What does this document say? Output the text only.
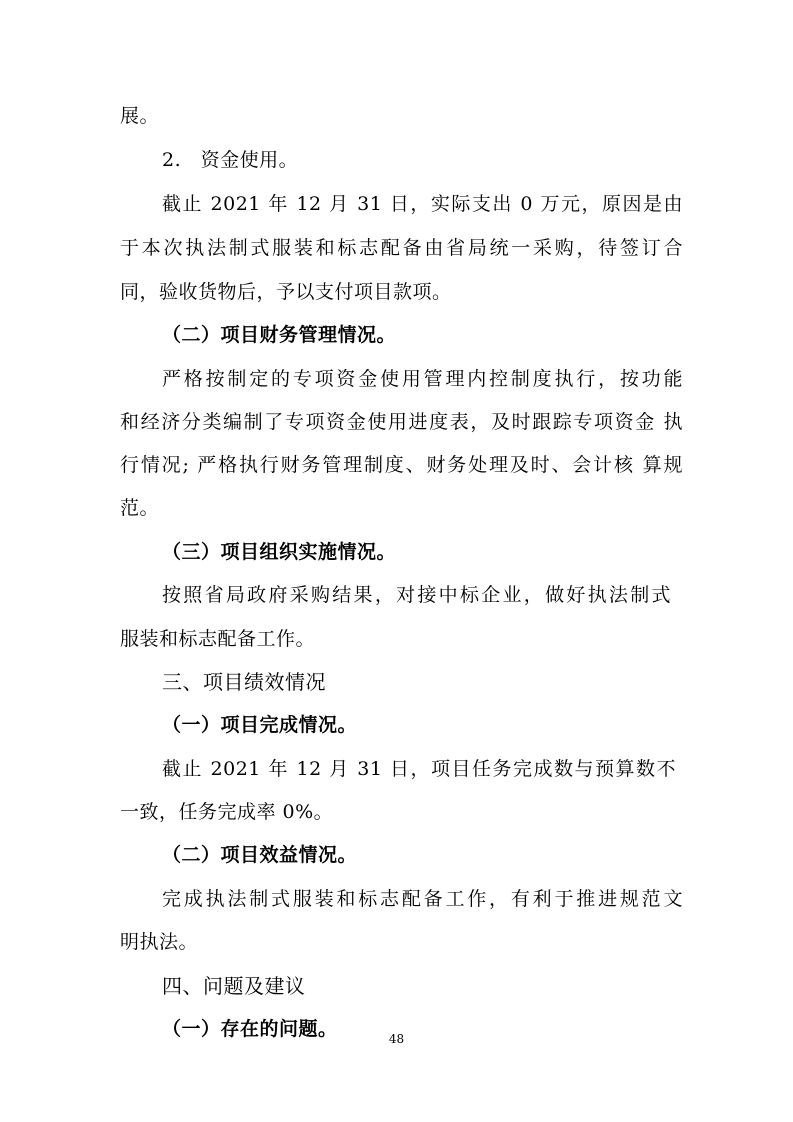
展。

2.　资金使用。

截止 2021 年 12 月 31 日，实际支出 0 万元，原因是由

于本次执法制式服装和标志配备由省局统一采购，待签订合

同，验收货物后，予以支付项目款项。

（二）项目财务管理情况。

严格按制定的专项资金使用管理内控制度执行，按功能

和经济分类编制了专项资金使用进度表，及时跟踪专项资金 执

行情况; 严格执行财务管理制度、财务处理及时、会计核 算规

范。

（三）项目组织实施情况。

按照省局政府采购结果，对接中标企业，做好执法制式

服装和标志配备工作。

三、项目绩效情况

（一）项目完成情况。

截止 2021 年 12 月 31 日，项目任务完成数与预算数不

一致，任务完成率 0%。

（二）项目效益情况。

完成执法制式服装和标志配备工作，有利于推进规范文

明执法。

四、问题及建议

（一）存在的问题。	48
